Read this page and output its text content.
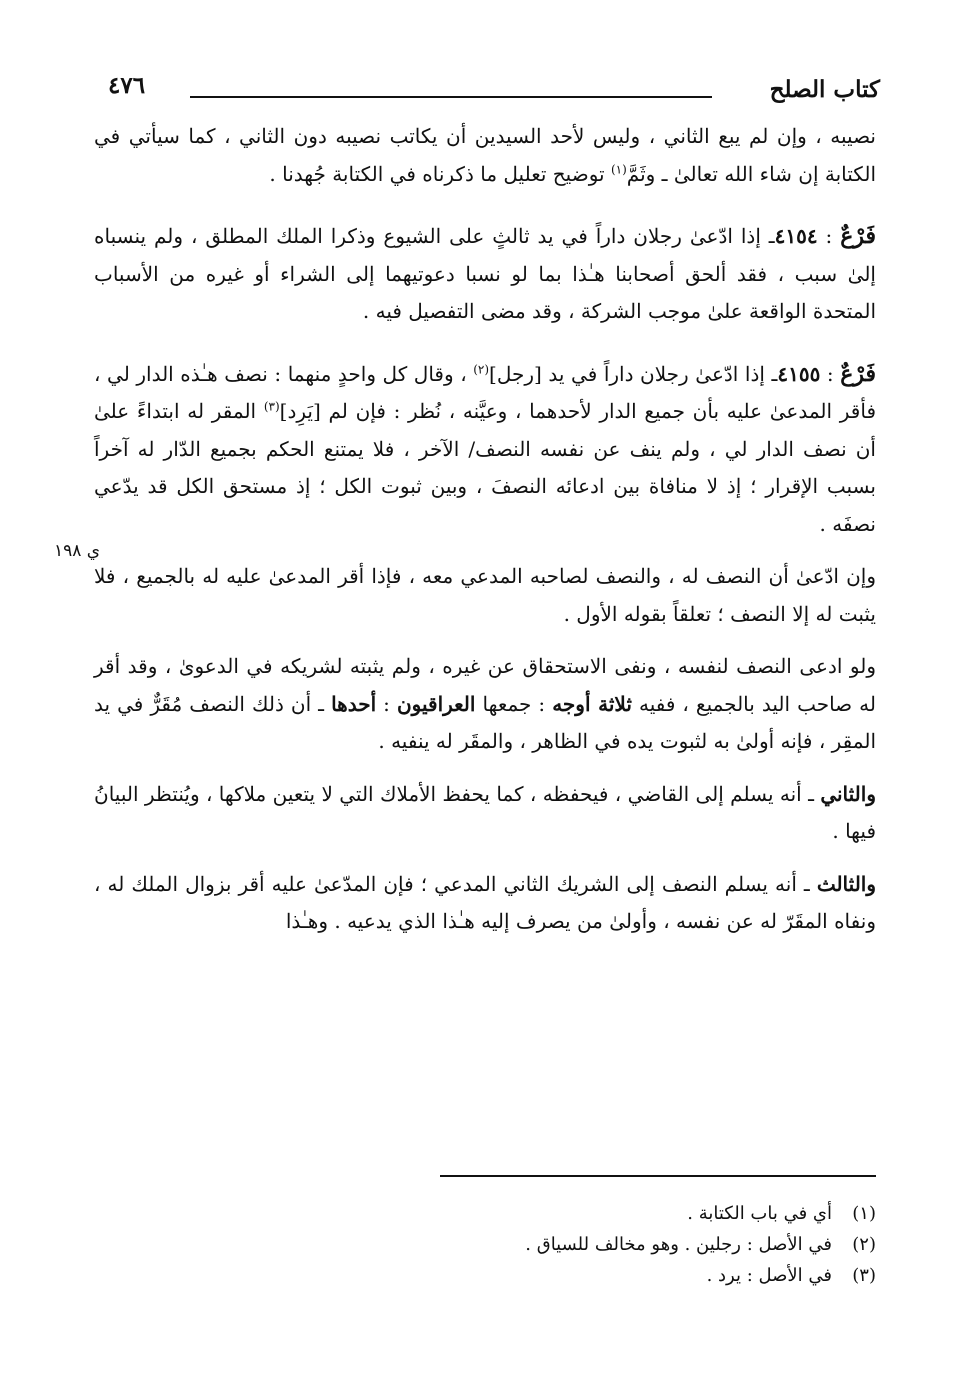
كتاب الصلح
٤٧٦
ي ١٩٨

نصيبه ، وإن لم يبع الثاني ، وليس لأحد السيدين أن يكاتب نصيبه دون الثاني ، كما سيأتي في الكتابة إن شاء الله تعالىٰ ـ وثَمَّ$^{(١)}$ توضيح تعليل ما ذكرناه في الكتابة جُهدنا .

فَرْعٌ : ٤١٥٤ـ إذا ادّعىٰ رجلان داراً في يد ثالثٍ على الشيوع وذكرا الملك المطلق ، ولم ينسباه إلىٰ سبب ، فقد ألحق أصحابنا هـٰذا بما لو نسبا دعوتيهما إلى الشراء أو غيره من الأسباب المتحدة الواقعة علىٰ موجب الشركة ، وقد مضى التفصيل فيه .

فَرْعٌ : ٤١٥٥ـ إذا ادّعىٰ رجلان داراً في يد [رجل]$^{(٢)}$ ، وقال كل واحدٍ منهما : نصف هـٰذه الدار لي ، فأقر المدعىٰ عليه بأن جميع الدار لأحدهما ، وعيَّنه ، نُظر : فإن لم [يَرِد]$^{(٣)}$ المقر له ابتداءً علىٰ أن نصف الدار لي ، ولم ينف عن نفسه النصف/ الآخر ، فلا يمتنع الحكم بجميع الدّار له آخراً بسبب الإقرار ؛ إذ لا منافاة بين ادعائه النصفَ ، وبين ثبوت الكل ؛ إذ مستحق الكل قد يدّعي نصفَه .

وإن ادّعىٰ أن النصف له ، والنصف لصاحبه المدعي معه ، فإذا أقر المدعىٰ عليه له بالجميع ، فلا يثبت له إلا النصف ؛ تعلقاً بقوله الأول .

ولو ادعى النصف لنفسه ، ونفى الاستحقاق عن غيره ، ولم يثبته لشريكه في الدعوىٰ ، وقد أقر له صاحب اليد بالجميع ، ففيه ثلاثة أوجه : جمعها العراقيون : أحدها ـ أن ذلك النصف مُقَرٌّ في يد المقِر ، فإنه أولىٰ به لثبوت يده في الظاهر ، والمقَر له ينفيه .

والثاني ـ أنه يسلم إلى القاضي ، فيحفظه ، كما يحفظ الأملاك التي لا يتعين ملاكها ، ويُنتظر البيانُ فيها .

والثالث ـ أنه يسلم النصف إلى الشريك الثاني المدعي ؛ فإن المدّعىٰ عليه أقر بزوال الملك له ، ونفاه المقَرّ له عن نفسه ، وأولىٰ من يصرف إليه هـٰذا الذي يدعيه . وهـٰذا

(١)أي في باب الكتابة .
(٢)في الأصل : رجلين . وهو مخالف للسياق .
(٣)في الأصل : يرد .
